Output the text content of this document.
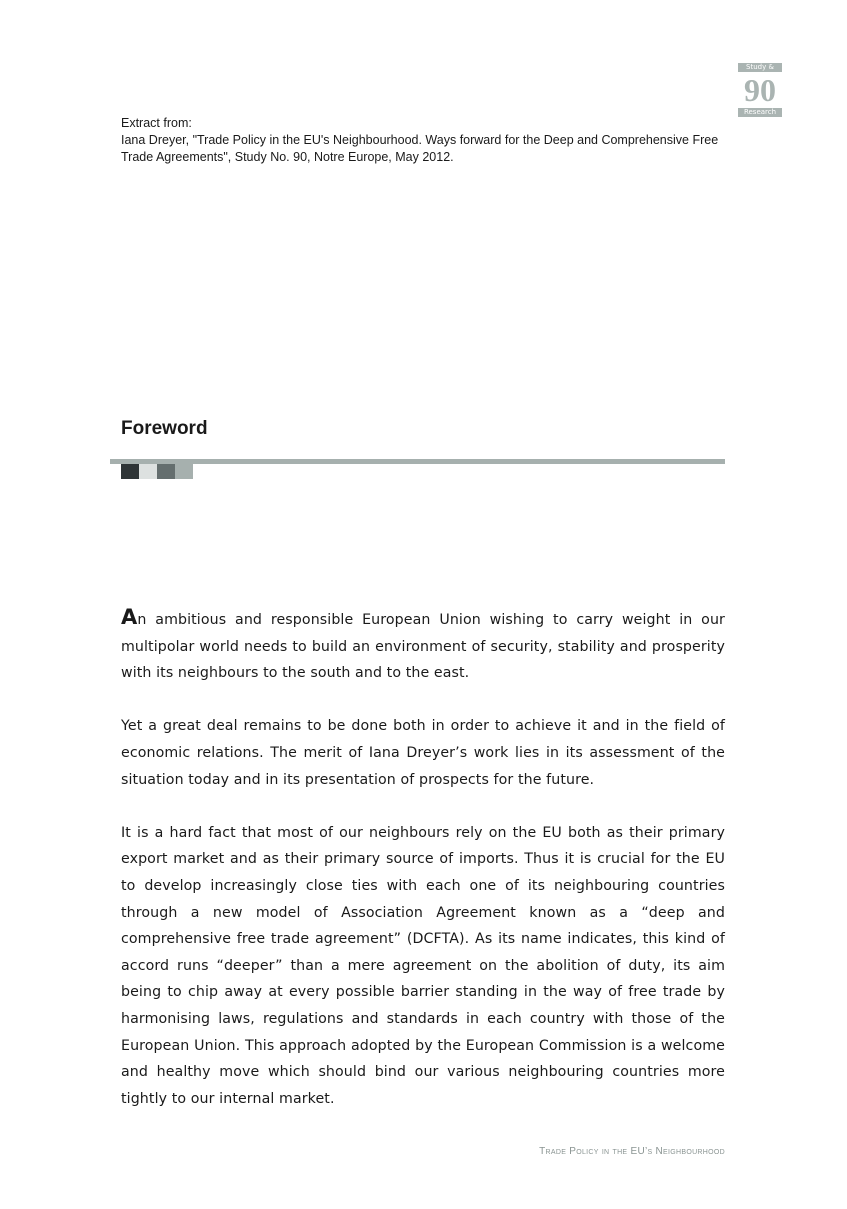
Study &
90
Research
Extract from:
Iana Dreyer, "Trade Policy in the EU's Neighbourhood. Ways forward for the Deep and Comprehensive Free Trade Agreements", Study No. 90, Notre Europe, May 2012.
Foreword

An ambitious and responsible European Union wishing to carry weight in our multipolar world needs to build an environment of security, stability and prosperity with its neighbours to the south and to the east.

Yet a great deal remains to be done both in order to achieve it and in the field of economic relations. The merit of Iana Dreyer’s work lies in its assessment of the situation today and in its presentation of prospects for the future.

It is a hard fact that most of our neighbours rely on the EU both as their primary export market and as their primary source of imports. Thus it is crucial for the EU to develop increasingly close ties with each one of its neighbouring countries through a new model of Association Agreement known as a “deep and comprehensive free trade agreement” (DCFTA). As its name indicates, this kind of accord runs “deeper” than a mere agreement on the abolition of duty, its aim being to chip away at every possible barrier standing in the way of free trade by harmonising laws, regulations and standards in each country with those of the European Union. This approach adopted by the European Commission is a welcome and healthy move which should bind our various neighbouring countries more tightly to our internal market.

Trade Policy in the EU’s Neighbourhood
